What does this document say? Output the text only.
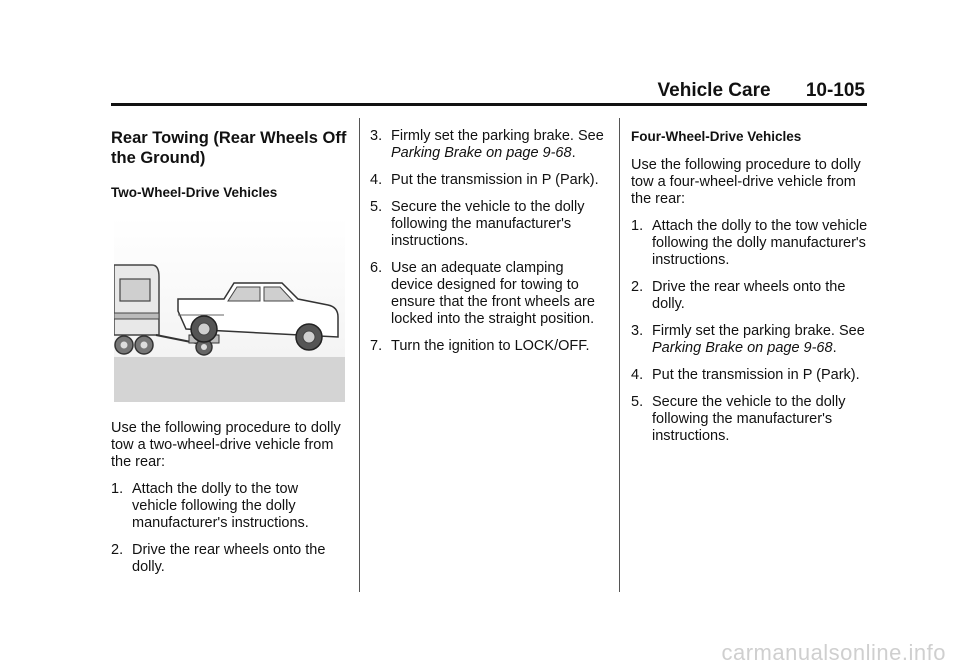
Vehicle Care 10-105
Rear Towing (Rear Wheels Off the Ground)
Two-Wheel-Drive Vehicles

Use the following procedure to dolly tow a two-wheel-drive vehicle from the rear:

1. Attach the dolly to the tow vehicle following the dolly manufacturer's instructions.
2. Drive the rear wheels onto the dolly.
3. Firmly set the parking brake. See Parking Brake on page 9-68.
4. Put the transmission in P (Park).
5. Secure the vehicle to the dolly following the manufacturer's instructions.
6. Use an adequate clamping device designed for towing to ensure that the front wheels are locked into the straight position.
7. Turn the ignition to LOCK/OFF.
Four-Wheel-Drive Vehicles

Use the following procedure to dolly tow a four-wheel-drive vehicle from the rear:

1. Attach the dolly to the tow vehicle following the dolly manufacturer's instructions.
2. Drive the rear wheels onto the dolly.
3. Firmly set the parking brake. See Parking Brake on page 9-68.
4. Put the transmission in P (Park).
5. Secure the vehicle to the dolly following the manufacturer's instructions.
carmanualsonline.info
